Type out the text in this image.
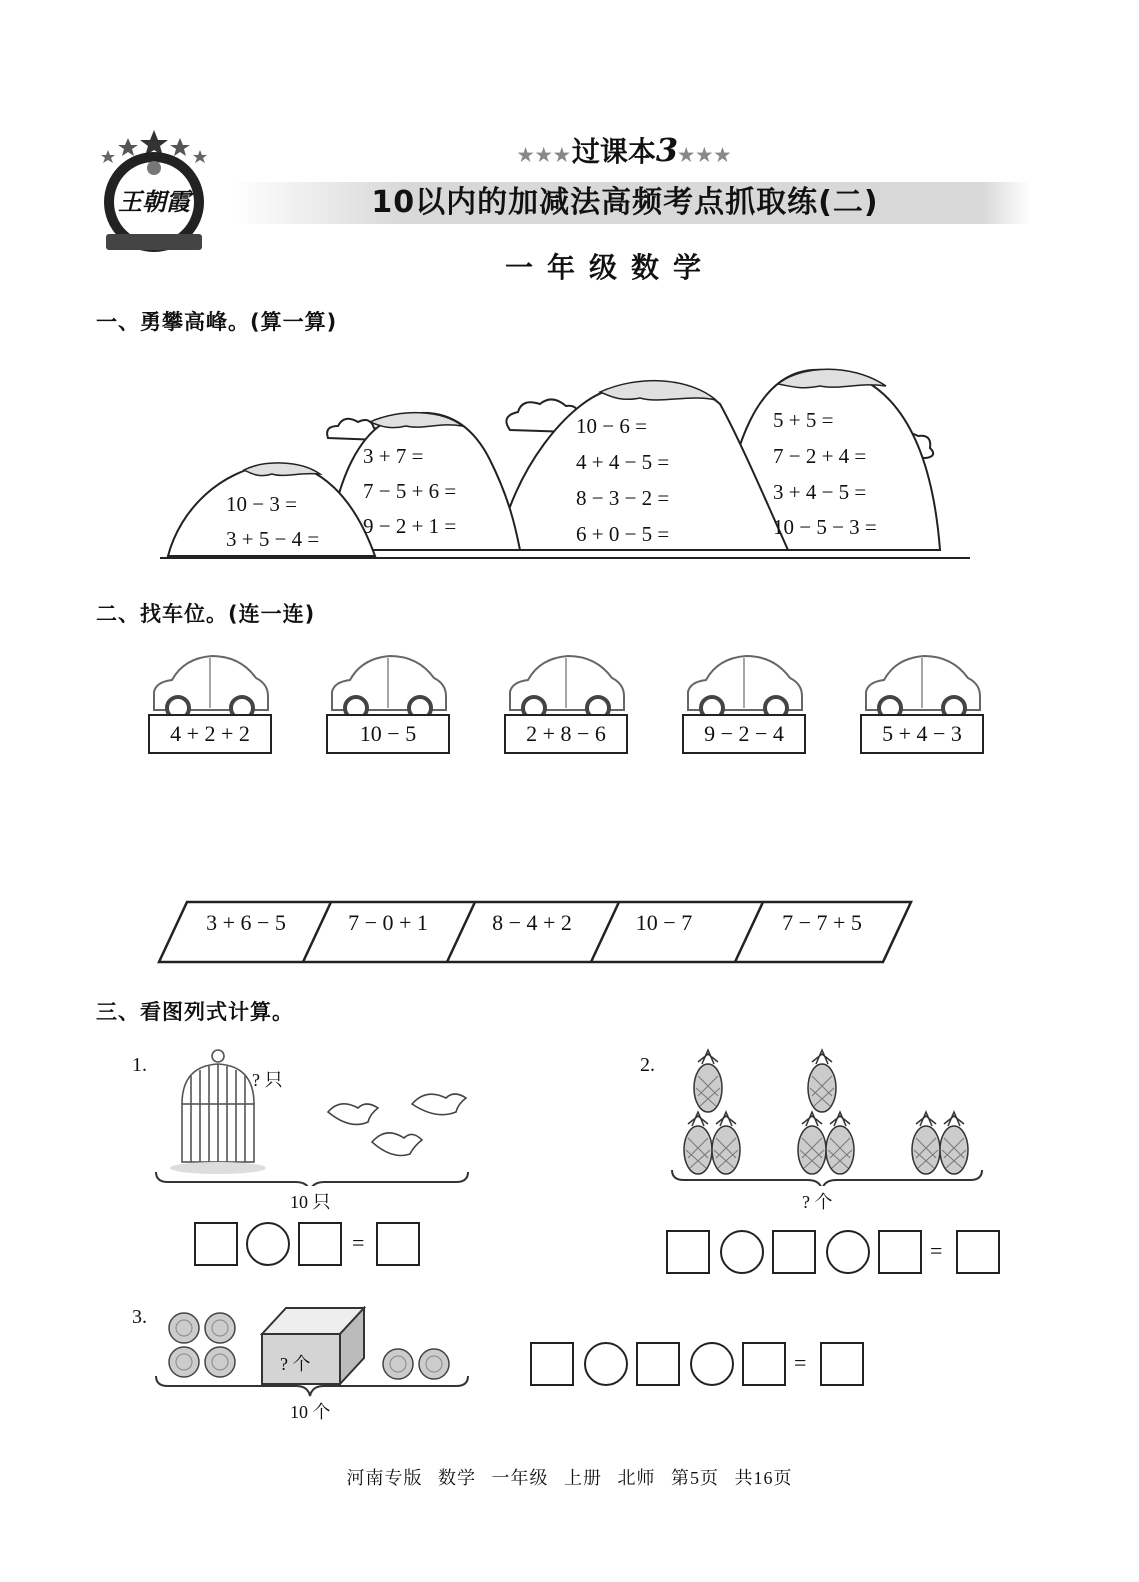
王朝霞
★★★过课本3★★★
10以内的加减法高频考点抓取练(二)
一年级数学
一、勇攀高峰。(算一算)
10 − 3 =
3 + 5 − 4 =
3 + 7 =
7 − 5 + 6 =
9 − 2 + 1 =
10 − 6 =
4 + 4 − 5 =
8 − 3 − 2 =
6 + 0 − 5 =
5 + 5 =
7 − 2 + 4 =
3 + 4 − 5 =
10 − 5 − 3 =
二、找车位。(连一连)
4 + 2 + 2	10 − 5	2 + 8 − 6	9 − 2 − 4	5 + 4 − 3
3 + 6 − 5	7 − 0 + 1	8 − 4 + 2	10 − 7	7 − 7 + 5
三、看图列式计算。
1.
? 只
10 只
=
2.
? 个
=
3.
? 个
10 个
=
河南专版 数学 一年级 上册 北师 第5页 共16页
